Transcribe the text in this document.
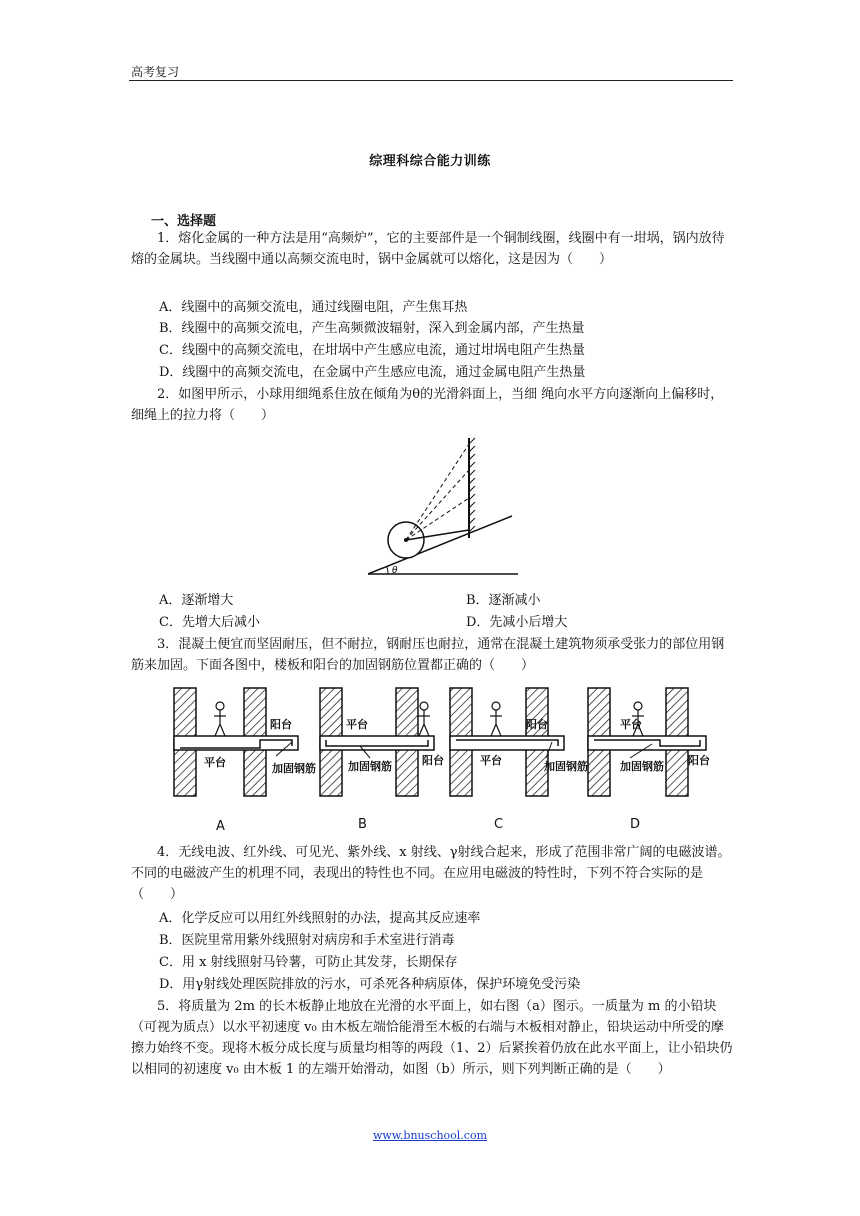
高考复习
综理科综合能力训练
一、选择题

1．熔化金属的一种方法是用“高频炉”，它的主要部件是一个铜制线圈，线圈中有一坩埚，锅内放待熔的金属块。当线圈中通以高频交流电时，锅中金属就可以熔化，这是因为（　　）

A．线圈中的高频交流电，通过线圈电阻，产生焦耳热
B．线圈中的高频交流电，产生高频微波辐射，深入到金属内部，产生热量
C．线圈中的高频交流电，在坩埚中产生感应电流，通过坩埚电阻产生热量
D．线圈中的高频交流电，在金属中产生感应电流，通过金属电阻产生热量

2．如图甲所示，小球用细绳系住放在倾角为θ的光滑斜面上，当细 绳向水平方向逐渐向上偏移时，细绳上的拉力将（　　）

θ
A．逐渐增大	B．逐渐减小
C．先增大后减小	D．先减小后增大

3．混凝土便宜而坚固耐压，但不耐拉，钢耐压也耐拉，通常在混凝土建筑物须承受张力的部位用钢筋来加固。下面各图中，楼板和阳台的加固钢筋位置都正确的（　　）

阳台
平台	加固钢筋
平台
阳台
加固钢筋
阳台
平台	加固钢筋
平台
阳台
加固钢筋
A	B	C	D

4．无线电波、红外线、可见光、紫外线、x 射线、γ射线合起来，形成了范围非常广阔的电磁波谱。不同的电磁波产生的机理不同，表现出的特性也不同。在应用电磁波的特性时，下列不符合实际的是（　　）

A．化学反应可以用红外线照射的办法，提高其反应速率
B．医院里常用紫外线照射对病房和手术室进行消毒
C．用 x 射线照射马铃薯，可防止其发芽，长期保存
D．用γ射线处理医院排放的污水，可杀死各种病原体，保护环境免受污染

5．将质量为 2m 的长木板静止地放在光滑的水平面上，如右图（a）图示。一质量为 m 的小铅块（可视为质点）以水平初速度 v₀ 由木板左端恰能滑至木板的右端与木板相对静止，铅块运动中所受的摩擦力始终不变。现将木板分成长度与质量均相等的两段（1、2）后紧挨着仍放在此水平面上，让小铅块仍以相同的初速度 v₀ 由木板 1 的左端开始滑动，如图（b）所示，则下列判断正确的是（　　）

www.bnuschool.com
